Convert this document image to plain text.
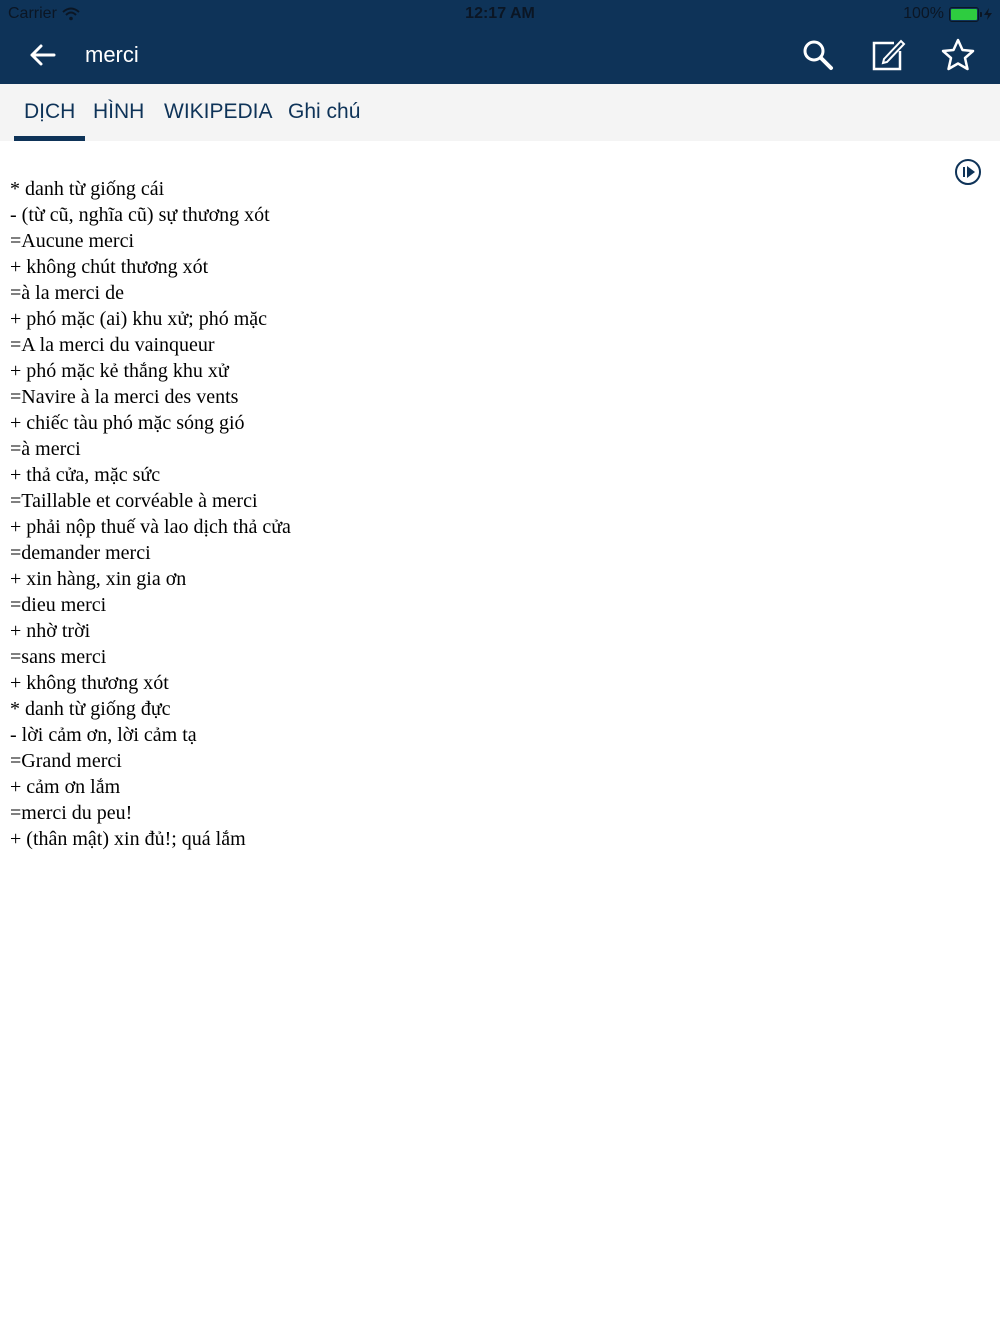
Carrier	12:17 AM	100%
merci
DỊCH HÌNH WIKIPEDIA Ghi chú
* danh từ giống cái
- (từ cũ, nghĩa cũ) sự thương xót
=Aucune merci
+ không chút thương xót
=à la merci de
+ phó mặc (ai) khu xử; phó mặc
=A la merci du vainqueur
+ phó mặc kẻ thắng khu xử
=Navire à la merci des vents
+ chiếc tàu phó mặc sóng gió
=à merci
+ thả cửa, mặc sức
=Taillable et corvéable à merci
+ phải nộp thuế và lao dịch thả cửa
=demander merci
+ xin hàng, xin gia ơn
=dieu merci
+ nhờ trời
=sans merci
+ không thương xót
* danh từ giống đực
- lời cảm ơn, lời cảm tạ
=Grand merci
+ cảm ơn lắm
=merci du peu!
+ (thân mật) xin đủ!; quá lắm
